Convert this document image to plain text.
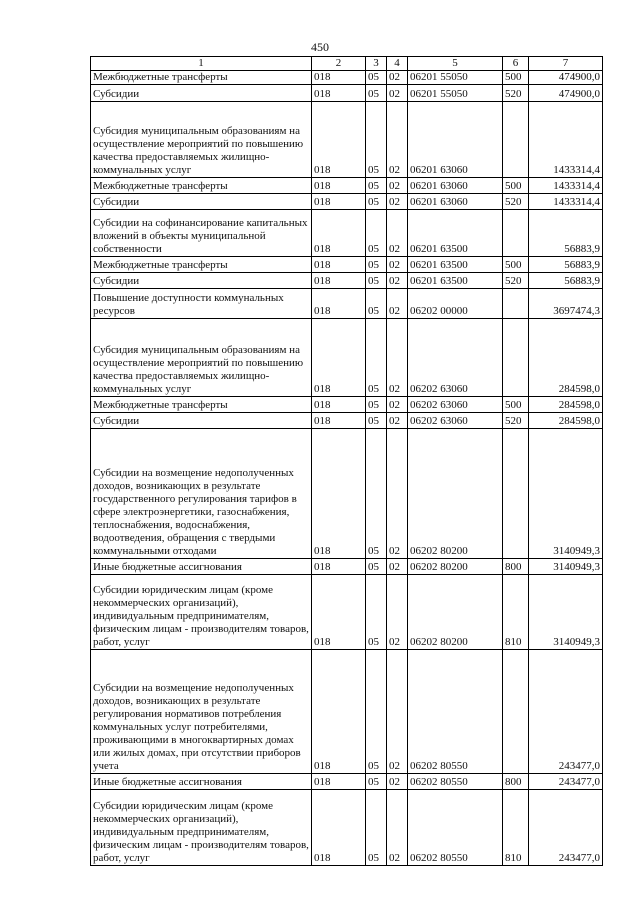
450
1	2	3	4	5	6	7
Межбюджетные трансферты	018	05	02	06201 55050	500	474900,0
Субсидии	018	05	02	06201 55050	520	474900,0
Субсидия муниципальным образованиям на осуществление мероприятий по повышению качества предоставляемых жилищно-коммунальных услуг	018	05	02	06201 63060		1433314,4
Межбюджетные трансферты	018	05	02	06201 63060	500	1433314,4
Субсидии	018	05	02	06201 63060	520	1433314,4
Субсидии на софинансирование капитальных вложений в объекты муниципальной собственности	018	05	02	06201 63500		56883,9
Межбюджетные трансферты	018	05	02	06201 63500	500	56883,9
Субсидии	018	05	02	06201 63500	520	56883,9
Повышение доступности коммунальных ресурсов	018	05	02	06202 00000		3697474,3
Субсидия муниципальным образованиям на осуществление мероприятий по повышению качества предоставляемых жилищно-коммунальных услуг	018	05	02	06202 63060		284598,0
Межбюджетные трансферты	018	05	02	06202 63060	500	284598,0
Субсидии	018	05	02	06202 63060	520	284598,0
Субсидии на возмещение недополученных доходов, возникающих в результате государственного регулирования тарифов в сфере электроэнергетики, газоснабжения, теплоснабжения, водоснабжения, водоотведения, обращения с твердыми коммунальными отходами	018	05	02	06202 80200		3140949,3
Иные бюджетные ассигнования	018	05	02	06202 80200	800	3140949,3
Субсидии юридическим лицам (кроме некоммерческих организаций), индивидуальным предпринимателям, физическим лицам - производителям товаров, работ, услуг	018	05	02	06202 80200	810	3140949,3
Субсидии на возмещение недополученных доходов, возникающих в результате регулирования нормативов потребления коммунальных услуг потребителями, проживающими в многоквартирных домах или жилых домах, при отсутствии приборов учета	018	05	02	06202 80550		243477,0
Иные бюджетные ассигнования	018	05	02	06202 80550	800	243477,0
Субсидии юридическим лицам (кроме некоммерческих организаций), индивидуальным предпринимателям, физическим лицам - производителям товаров, работ, услуг	018	05	02	06202 80550	810	243477,0
